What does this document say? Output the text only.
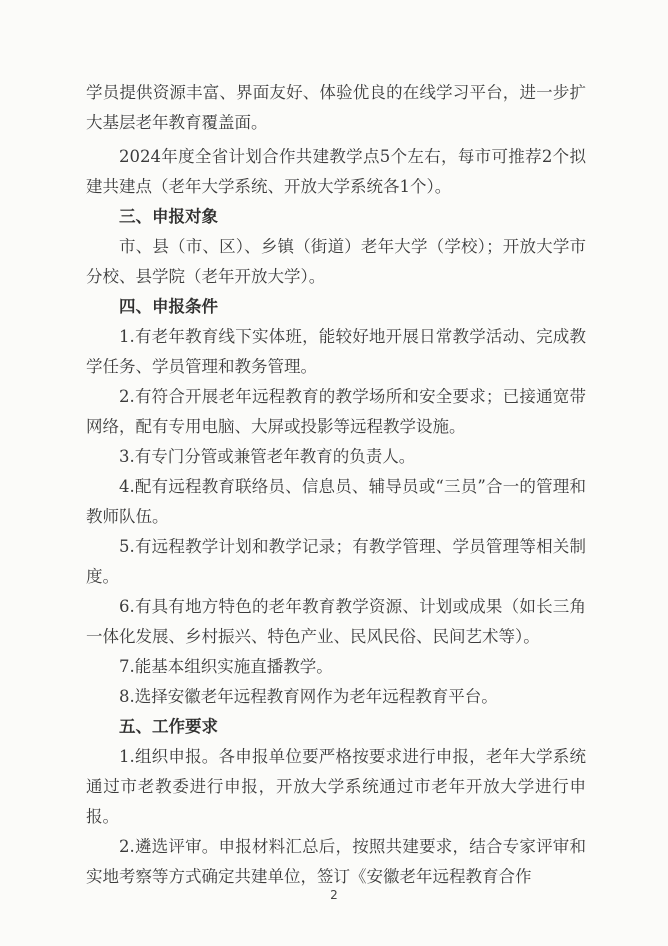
学员提供资源丰富、界面友好、体验优良的在线学习平台，进一步扩大基层老年教育覆盖面。

2024年度全省计划合作共建教学点5个左右，每市可推荐2个拟建共建点（老年大学系统、开放大学系统各1个）。

三、申报对象

市、县（市、区）、乡镇（街道）老年大学（学校）；开放大学市分校、县学院（老年开放大学）。

四、申报条件

1.有老年教育线下实体班，能较好地开展日常教学活动、完成教学任务、学员管理和教务管理。

2.有符合开展老年远程教育的教学场所和安全要求；已接通宽带网络，配有专用电脑、大屏或投影等远程教学设施。

3.有专门分管或兼管老年教育的负责人。

4.配有远程教育联络员、信息员、辅导员或“三员”合一的管理和教师队伍。

5.有远程教学计划和教学记录；有教学管理、学员管理等相关制度。

6.有具有地方特色的老年教育教学资源、计划或成果（如长三角一体化发展、乡村振兴、特色产业、民风民俗、民间艺术等）。

7.能基本组织实施直播教学。

8.选择安徽老年远程教育网作为老年远程教育平台。

五、工作要求

1.组织申报。各申报单位要严格按要求进行申报，老年大学系统通过市老教委进行申报，开放大学系统通过市老年开放大学进行申报。

2.遴选评审。申报材料汇总后，按照共建要求，结合专家评审和实地考察等方式确定共建单位，签订《安徽老年远程教育合作

2
